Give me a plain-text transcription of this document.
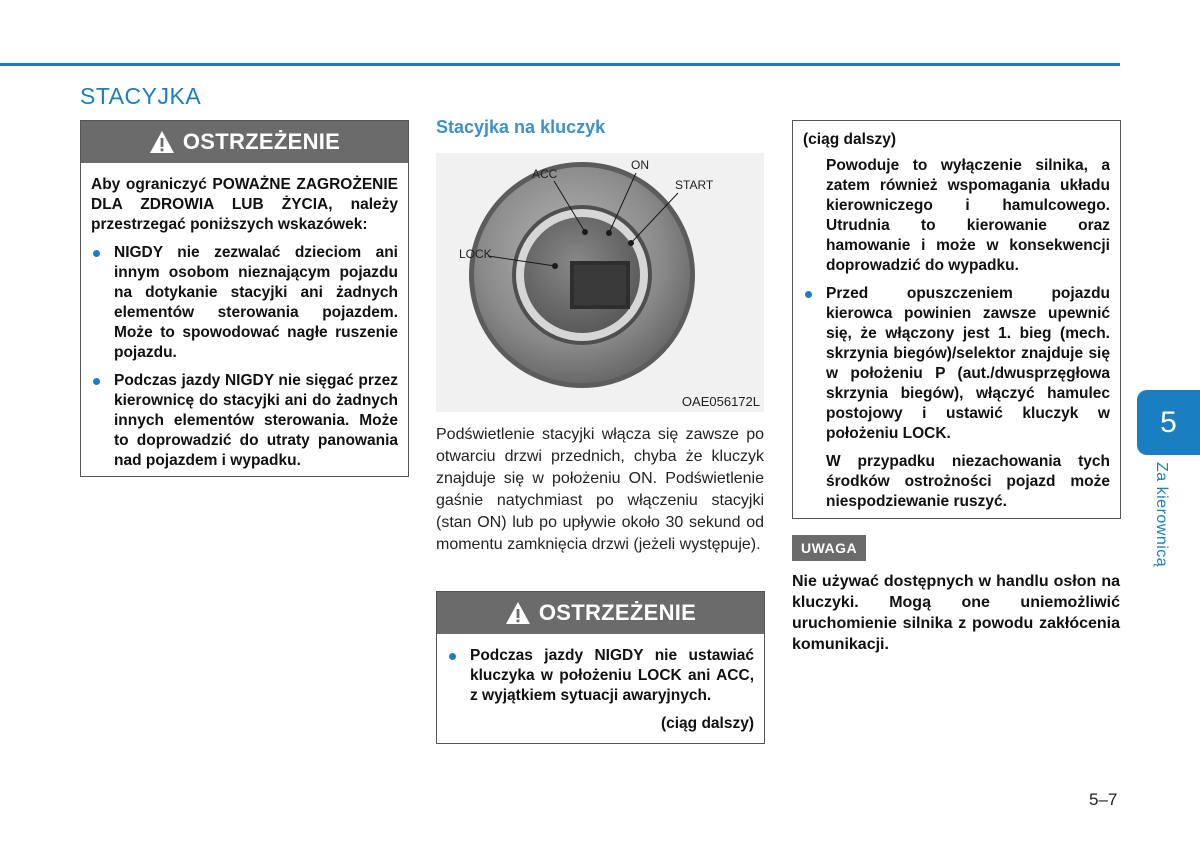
STACYJKA
OSTRZEŻENIE

Aby ograniczyć POWAŻNE ZAGROŻENIE DLA ZDROWIA LUB ŻYCIA, należy przestrzegać poniższych wskazówek:

NIGDY nie zezwalać dzieciom ani innym osobom nieznającym pojazdu na dotykanie stacyjki ani żadnych elementów sterowania pojazdem. Może to spowodować nagłe ruszenie pojazdu.
Podczas jazdy NIGDY nie sięgać przez kierownicę do stacyjki ani do żadnych innych elementów sterowania. Może to doprowadzić do utraty panowania nad pojazdem i wypadku.
Stacyjka na kluczyk
ACC
ON
START
LOCK
OAE056172L

Podświetlenie stacyjki włącza się zawsze po otwarciu drzwi przednich, chyba że kluczyk znajduje się w położeniu ON. Podświetlenie gaśnie natychmiast po włączeniu stacyjki (stan ON) lub po upływie około 30 sekund od momentu zamknięcia drzwi (jeżeli występuje).

OSTRZEŻENIE
Podczas jazdy NIGDY nie ustawiać kluczyka w położeniu LOCK ani ACC, z wyjątkiem sytuacji awaryjnych.
(ciąg dalszy)

(ciąg dalszy)

Powoduje to wyłączenie silnika, a zatem również wspomagania układu kierowniczego i hamulcowego. Utrudnia to kierowanie oraz hamowanie i może w konsekwencji doprowadzić do wypadku.

Przed opuszczeniem pojazdu kierowca powinien zawsze upewnić się, że włączony jest 1. bieg (mech. skrzynia biegów)/selektor znajduje się w położeniu P (aut./dwusprzęgłowa skrzynia biegów), włączyć hamulec postojowy i ustawić kluczyk w położeniu LOCK.

W przypadku niezachowania tych środków ostrożności pojazd może niespodziewanie ruszyć.

UWAGA

Nie używać dostępnych w handlu osłon na kluczyki. Mogą one uniemożliwić uruchomienie silnika z powodu zakłócenia komunikacji.

5
Za kierownicą
5–7
